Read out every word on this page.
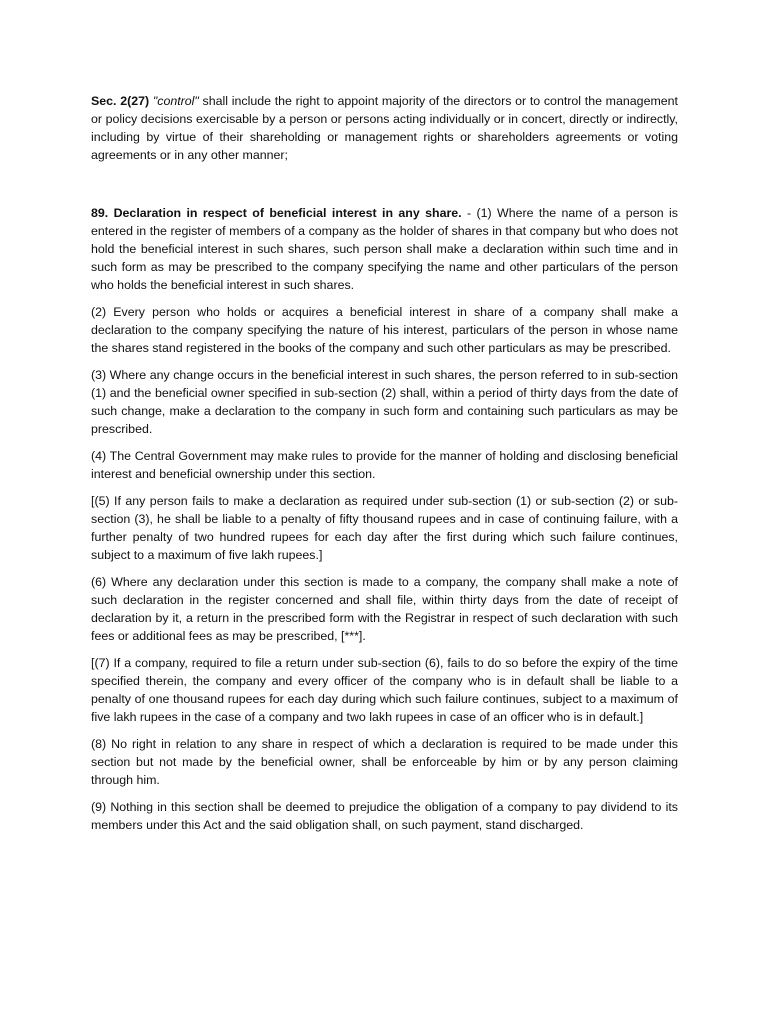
Sec. 2(27) "control" shall include the right to appoint majority of the directors or to control the management or policy decisions exercisable by a person or persons acting individually or in concert, directly or indirectly, including by virtue of their shareholding or management rights or shareholders agreements or voting agreements or in any other manner;

89. Declaration in respect of beneficial interest in any share. - (1) Where the name of a person is entered in the register of members of a company as the holder of shares in that company but who does not hold the beneficial interest in such shares, such person shall make a declaration within such time and in such form as may be prescribed to the company specifying the name and other particulars of the person who holds the beneficial interest in such shares.

(2) Every person who holds or acquires a beneficial interest in share of a company shall make a declaration to the company specifying the nature of his interest, particulars of the person in whose name the shares stand registered in the books of the company and such other particulars as may be prescribed.

(3) Where any change occurs in the beneficial interest in such shares, the person referred to in sub-section (1) and the beneficial owner specified in sub-section (2) shall, within a period of thirty days from the date of such change, make a declaration to the company in such form and containing such particulars as may be prescribed.

(4) The Central Government may make rules to provide for the manner of holding and disclosing beneficial interest and beneficial ownership under this section.

[(5) If any person fails to make a declaration as required under sub-section (1) or sub-section (2) or sub-section (3), he shall be liable to a penalty of fifty thousand rupees and in case of continuing failure, with a further penalty of two hundred rupees for each day after the first during which such failure continues, subject to a maximum of five lakh rupees.]

(6) Where any declaration under this section is made to a company, the company shall make a note of such declaration in the register concerned and shall file, within thirty days from the date of receipt of declaration by it, a return in the prescribed form with the Registrar in respect of such declaration with such fees or additional fees as may be prescribed, [***].

[(7) If a company, required to file a return under sub-section (6), fails to do so before the expiry of the time specified therein, the company and every officer of the company who is in default shall be liable to a penalty of one thousand rupees for each day during which such failure continues, subject to a maximum of five lakh rupees in the case of a company and two lakh rupees in case of an officer who is in default.]

(8) No right in relation to any share in respect of which a declaration is required to be made under this section but not made by the beneficial owner, shall be enforceable by him or by any person claiming through him.

(9) Nothing in this section shall be deemed to prejudice the obligation of a company to pay dividend to its members under this Act and the said obligation shall, on such payment, stand discharged.
